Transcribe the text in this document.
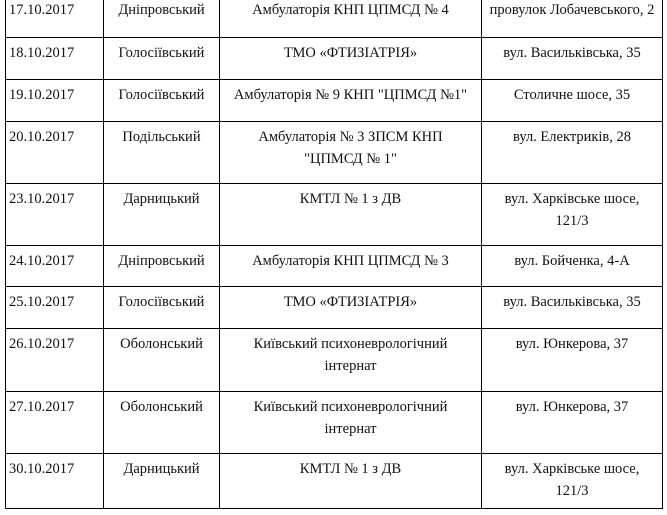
17.10.2017	Дніпровський	Амбулаторія КНП ЦПМСД № 4	провулок Лобачевського, 2

18.10.2017	Голосіївський	ТМО «ФТИЗІАТРІЯ»	вул. Васильківська, 35

19.10.2017	Голосіївський	Амбулаторія № 9 КНП "ЦПМСД №1"	Столичне шосе, 35

20.10.2017	Подільський	Амбулаторія № 3 ЗПСМ КНП
"ЦПМСД № 1"	вул. Електриків, 28

23.10.2017	Дарницький	КМТЛ № 1 з ДВ	вул. Харківське шосе,
121/3

24.10.2017	Дніпровський	Амбулаторія КНП ЦПМСД № 3	вул. Бойченка, 4-А

25.10.2017	Голосіївський	ТМО «ФТИЗІАТРІЯ»	вул. Васильківська, 35

26.10.2017	Оболонський	Київський психоневрологічний
інтернат	вул. Юнкерова, 37

27.10.2017	Оболонський	Київський психоневрологічний
інтернат	вул. Юнкерова, 37

30.10.2017	Дарницький	КМТЛ № 1 з ДВ	вул. Харківське шосе,
121/3
